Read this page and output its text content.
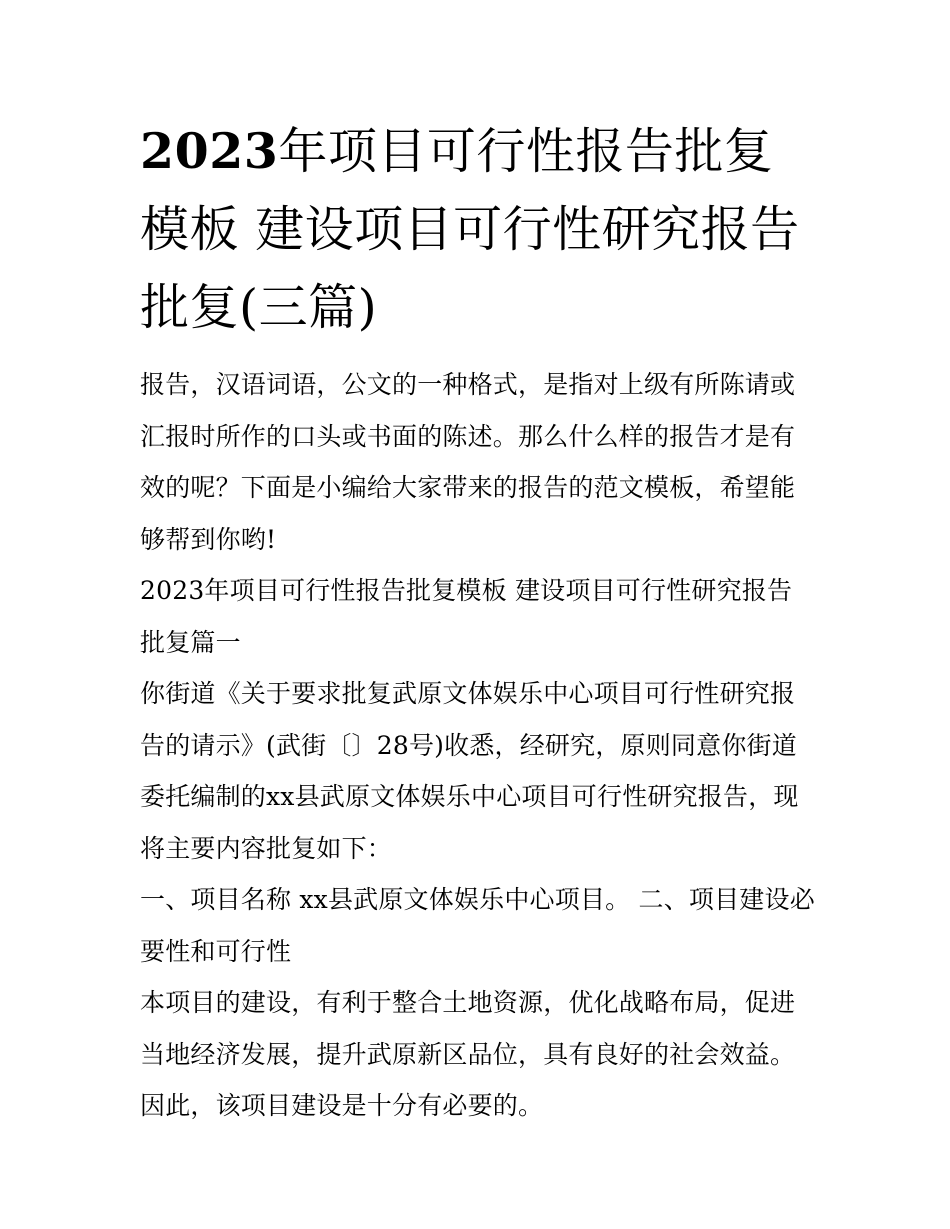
2023年项目可行性报告批复模板 建设项目可行性研究报告批复(三篇)

报告，汉语词语，公文的一种格式，是指对上级有所陈请或汇报时所作的口头或书面的陈述。那么什么样的报告才是有效的呢？下面是小编给大家带来的报告的范文模板，希望能够帮到你哟!

2023年项目可行性报告批复模板 建设项目可行性研究报告批复篇一

你街道《关于要求批复武原文体娱乐中心项目可行性研究报告的请示》(武街〔〕28号)收悉，经研究，原则同意你街道委托编制的xx县武原文体娱乐中心项目可行性研究报告，现将主要内容批复如下：

一、项目名称 xx县武原文体娱乐中心项目。 二、项目建设必要性和可行性

本项目的建设，有利于整合土地资源，优化战略布局，促进当地经济发展，提升武原新区品位，具有良好的社会效益。因此，该项目建设是十分有必要的。
